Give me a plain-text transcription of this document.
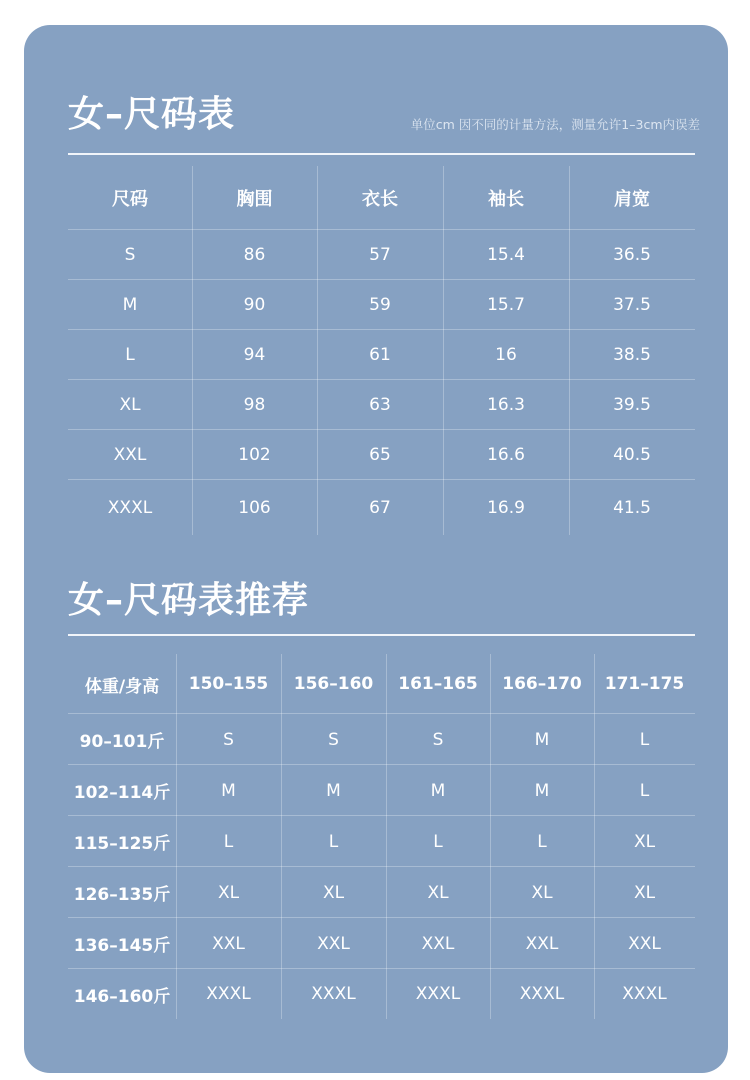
女–尺码表	单位cm 因不同的计量方法，测量允许1–3cm内误差
尺码	胸围	衣长	袖长	肩宽
S	86	57	15.4	36.5
M	90	59	15.7	37.5
L	94	61	16	38.5
XL	98	63	16.3	39.5
XXL	102	65	16.6	40.5
XXXL	106	67	16.9	41.5
女–尺码表推荐
体重/身高	150–155	156–160	161–165	166–170	171–175
90–101斤	S	S	S	M	L
102–114斤	M	M	M	M	L
115–125斤	L	L	L	L	XL
126–135斤	XL	XL	XL	XL	XL
136–145斤	XXL	XXL	XXL	XXL	XXL
146–160斤	XXXL	XXXL	XXXL	XXXL	XXXL
